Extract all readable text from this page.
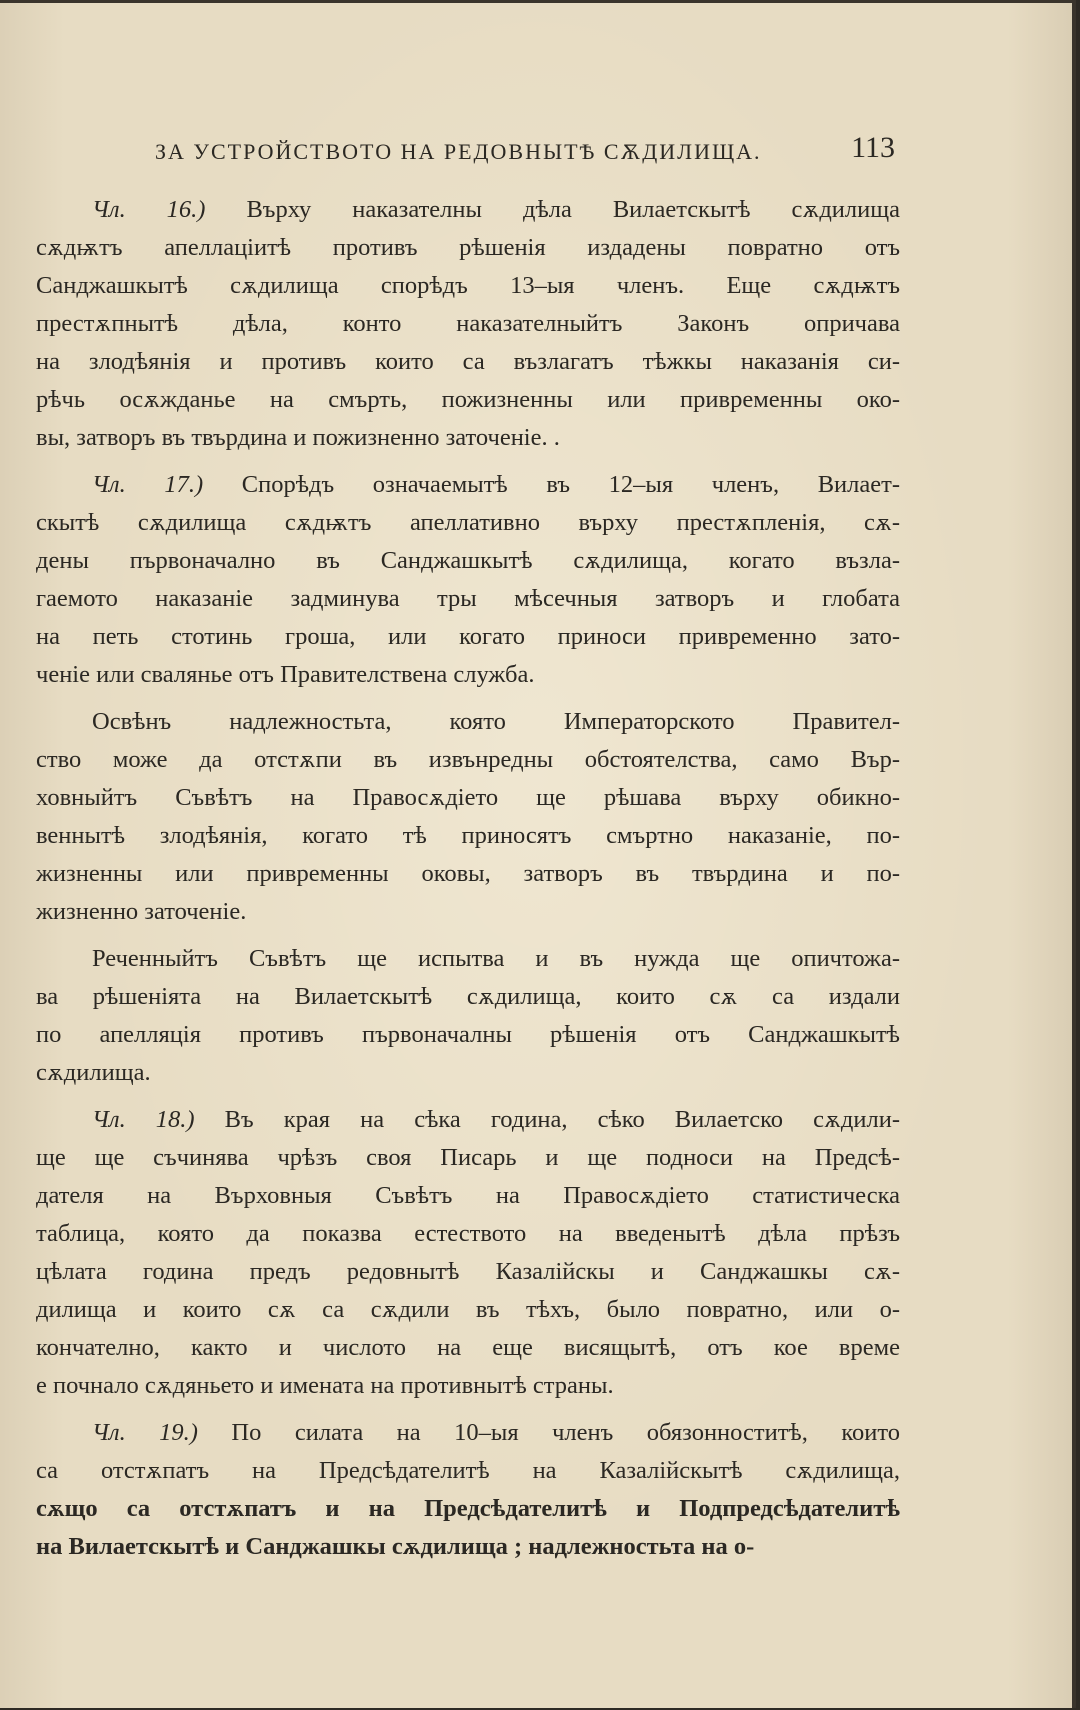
ЗА УСТРОЙСТВОТО НА РЕДОВНЫТѢ СѪДИЛИЩА.	113
Чл. 16.) Върху наказателны дѣла Вилаетскытѣ сѫдилища
сѫдѭтъ апеллаціитѣ противъ рѣшенія издадены повратно отъ
Санджашкытѣ сѫдилища спорѣдъ 13–ыя членъ. Еще сѫдѭтъ
престѫпнытѣ дѣла, конто наказателныйтъ Законъ опричава
на злодѣянія и противъ които са възлагатъ тѣжкы наказанія си-
рѣчь осѫжданье на смърть, пожизненны или привременны око-
вы, затворъ въ твърдина и пожизненно заточеніе. .
Чл. 17.) Спорѣдъ означаемытѣ въ 12–ыя членъ, Вилает-
скытѣ сѫдилища сѫдѭтъ апеллативно върху престѫпленія, сѫ-
дены първоначално въ Санджашкытѣ сѫдилища, когато възла-
гаемото наказаніе задминува тры мѣсечныя затворъ и глобата
на петь стотинь гроша, или когато приноси привременно зато-
ченіе или сваляньe отъ Правителствена служба.
Освѣнъ надлежностьта, която Императорското Правител-
ство може да отстѫпи въ извънредны обстоятелства, само Вър-
ховныйтъ Съвѣтъ на Правосѫдіето ще рѣшава върху обикно-
веннытѣ злодѣянія, когато тѣ приносятъ смъртно наказаніе, по-
жизненны или привременны оковы, затворъ въ твърдина и по-
жизненно заточеніе.
Реченныйтъ Съвѣтъ ще испытва и въ нужда ще опичтожа-
ва рѣшеніята на Вилаетскытѣ сѫдилища, които сѫ са издали
по апелляція противъ първоначалны рѣшенія отъ Санджашкытѣ
сѫдилища.
Чл. 18.) Въ края на сѣка година, сѣко Вилаетско сѫдили-
ще ще съчинява чрѣзъ своя Писарь и ще подноси на Предсѣ-
дателя на Върховныя Съвѣтъ на Правосѫдіето статистическа
таблица, която да показва естеството на введенытѣ дѣла прѣзъ
цѣлата година предъ редовнытѣ Казалійскы и Санджашкы сѫ-
дилища и които сѫ са сѫдили въ тѣхъ, было повратно, или о-
кончателно, както и числото на еще висящытѣ, отъ кое време
е почнало сѫдяньето и имената на противнытѣ страны.
Чл. 19.) По силата на 10–ыя членъ обязонноститѣ, които
са отстѫпатъ на Предсѣдателитѣ на Казалійскытѣ сѫдилища,
сѫщо са отстѫпатъ и на Предсѣдателитѣ и Подпредсѣдателитѣ
на Вилаетскытѣ и Санджашкы сѫдилища ; надлежностьта на о-
